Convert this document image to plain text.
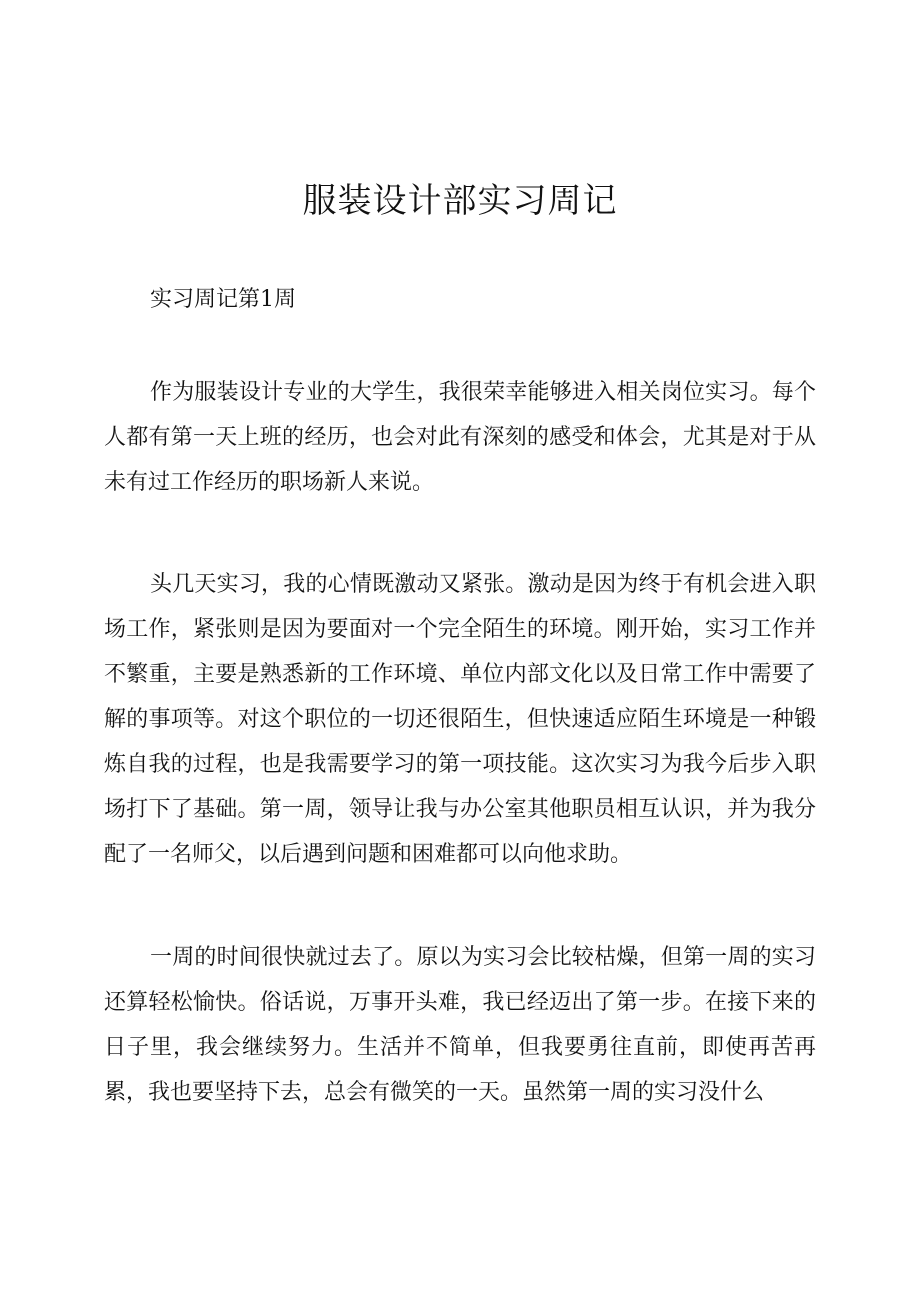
服装设计部实习周记

实习周记第1周

作为服装设计专业的大学生，我很荣幸能够进入相关岗位实习。每个人都有第一天上班的经历，也会对此有深刻的感受和体会，尤其是对于从未有过工作经历的职场新人来说。

头几天实习，我的心情既激动又紧张。激动是因为终于有机会进入职场工作，紧张则是因为要面对一个完全陌生的环境。刚开始，实习工作并不繁重，主要是熟悉新的工作环境、单位内部文化以及日常工作中需要了解的事项等。对这个职位的一切还很陌生，但快速适应陌生环境是一种锻炼自我的过程，也是我需要学习的第一项技能。这次实习为我今后步入职场打下了基础。第一周，领导让我与办公室其他职员相互认识，并为我分配了一名师父，以后遇到问题和困难都可以向他求助。

一周的时间很快就过去了。原以为实习会比较枯燥，但第一周的实习还算轻松愉快。俗话说，万事开头难，我已经迈出了第一步。在接下来的日子里，我会继续努力。生活并不简单，但我要勇往直前，即使再苦再累，我也要坚持下去，总会有微笑的一天。虽然第一周的实习没什么
